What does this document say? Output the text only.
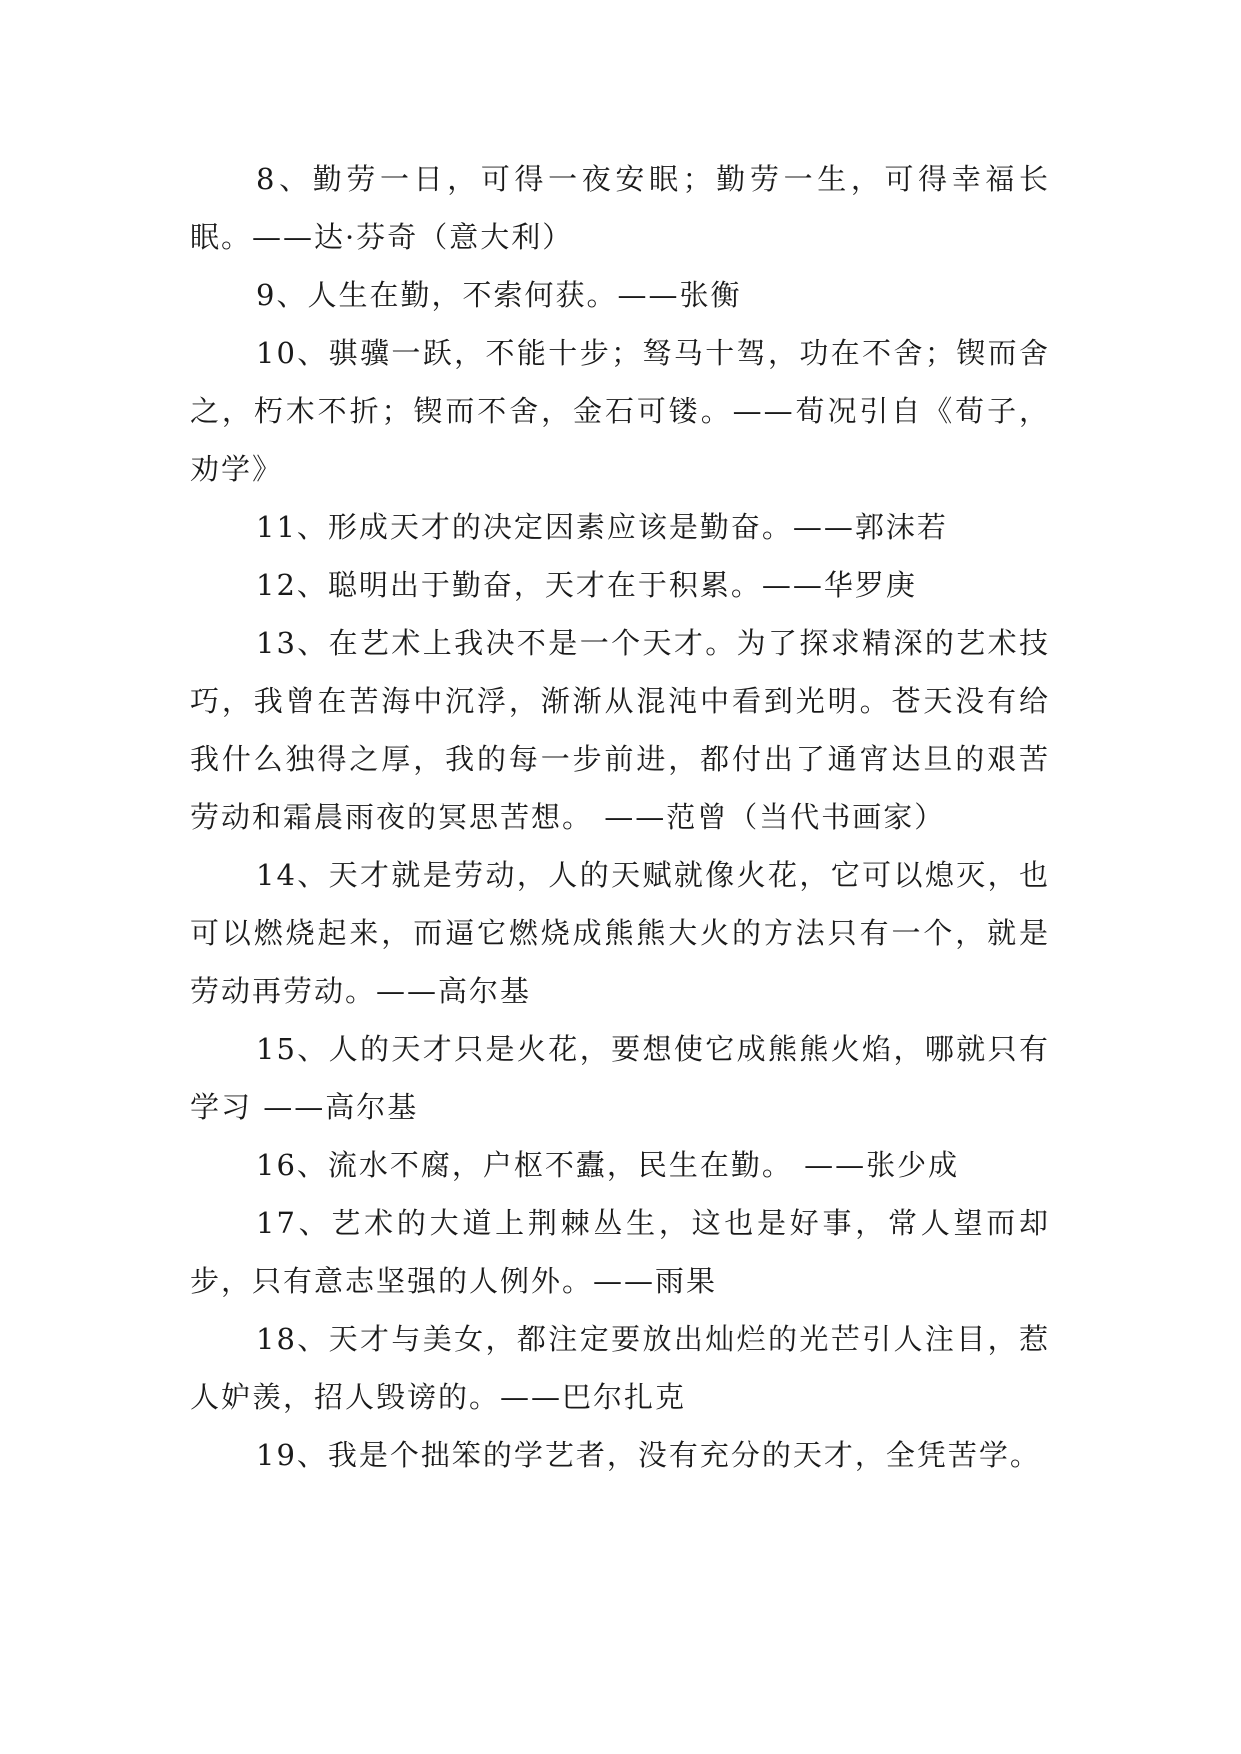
8、勤劳一日，可得一夜安眠；勤劳一生，可得幸福长眠。——达·芬奇（意大利）

9、人生在勤，不索何获。——张衡

10、骐骥一跃，不能十步；驽马十驾，功在不舍；锲而舍之，朽木不折；锲而不舍，金石可镂。——荀况引自《荀子，劝学》

11、形成天才的决定因素应该是勤奋。——郭沫若

12、聪明出于勤奋，天才在于积累。——华罗庚

13、在艺术上我决不是一个天才。为了探求精深的艺术技巧，我曾在苦海中沉浮，渐渐从混沌中看到光明。苍天没有给我什么独得之厚，我的每一步前进，都付出了通宵达旦的艰苦劳动和霜晨雨夜的冥思苦想。 ——范曾（当代书画家）

14、天才就是劳动，人的天赋就像火花，它可以熄灭，也可以燃烧起来，而逼它燃烧成熊熊大火的方法只有一个，就是劳动再劳动。——高尔基

15、人的天才只是火花，要想使它成熊熊火焰，哪就只有学习 ——高尔基

16、流水不腐，户枢不蠹，民生在勤。 ——张少成

17、艺术的大道上荆棘丛生，这也是好事，常人望而却步，只有意志坚强的人例外。——雨果

18、天才与美女，都注定要放出灿烂的光芒引人注目，惹人妒羡，招人毁谤的。——巴尔扎克

19、我是个拙笨的学艺者，没有充分的天才，全凭苦学。
